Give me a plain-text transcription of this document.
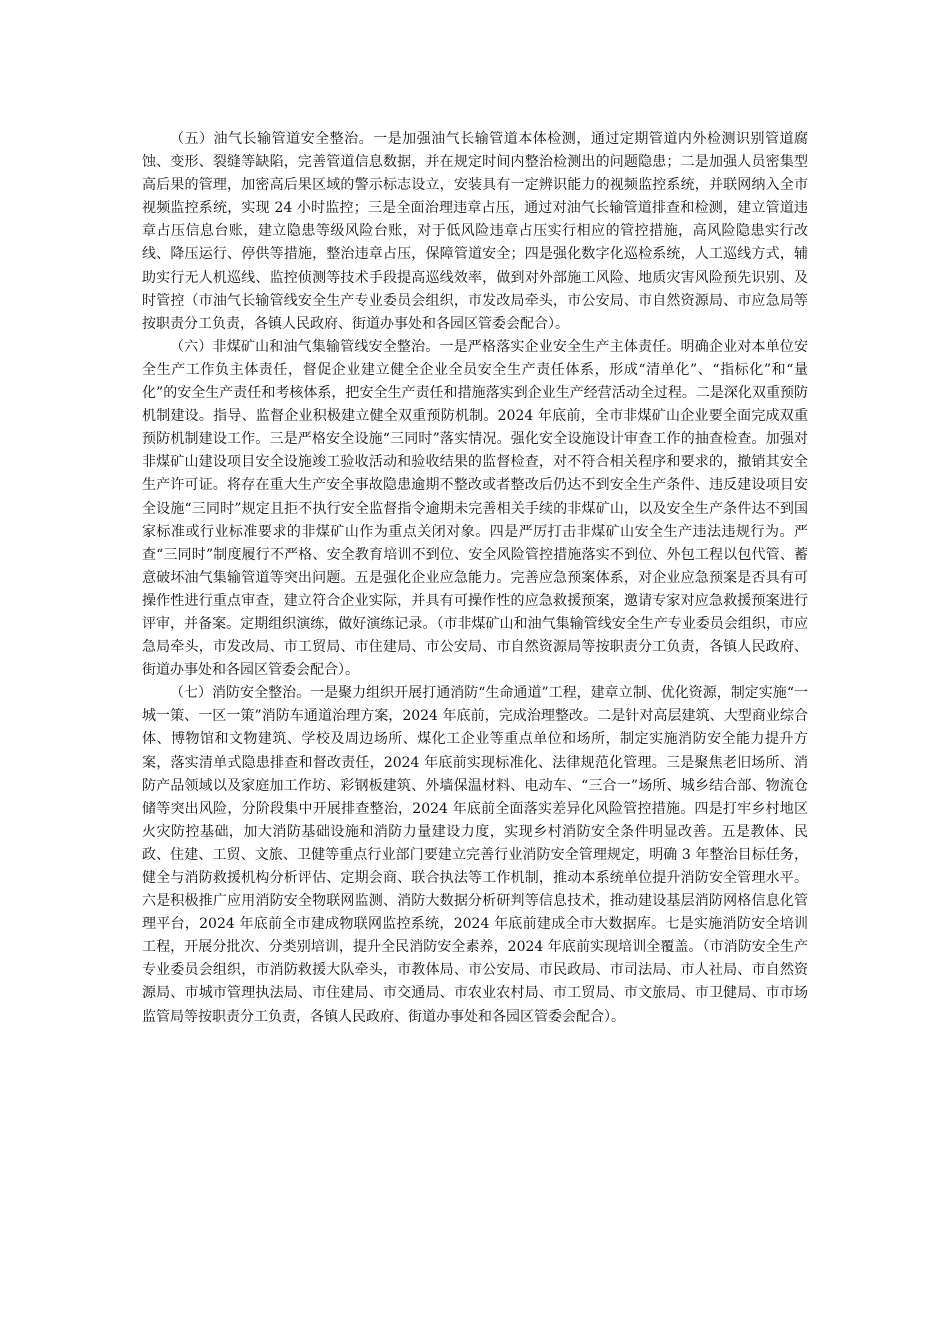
（五）油气长输管道安全整治。一是加强油气长输管道本体检测，通过定期管道内外检测识别管道腐蚀、变形、裂缝等缺陷，完善管道信息数据，并在规定时间内整治检测出的问题隐患；二是加强人员密集型高后果的管理，加密高后果区域的警示标志设立，安装具有一定辨识能力的视频监控系统，并联网纳入全市视频监控系统，实现 24 小时监控；三是全面治理违章占压，通过对油气长输管道排查和检测，建立管道违章占压信息台账，建立隐患等级风险台账，对于低风险违章占压实行相应的管控措施，高风险隐患实行改线、降压运行、停供等措施，整治违章占压，保障管道安全；四是强化数字化巡检系统，人工巡线方式，辅助实行无人机巡线、监控侦测等技术手段提高巡线效率，做到对外部施工风险、地质灾害风险预先识别、及时管控（市油气长输管线安全生产专业委员会组织，市发改局牵头，市公安局、市自然资源局、市应急局等按职责分工负责，各镇人民政府、街道办事处和各园区管委会配合）。

（六）非煤矿山和油气集输管线安全整治。一是严格落实企业安全生产主体责任。明确企业对本单位安全生产工作负主体责任，督促企业建立健全企业全员安全生产责任体系，形成“清单化”、“指标化”和“量化”的安全生产责任和考核体系，把安全生产责任和措施落实到企业生产经营活动全过程。二是深化双重预防机制建设。指导、监督企业积极建立健全双重预防机制。2024 年底前，全市非煤矿山企业要全面完成双重预防机制建设工作。三是严格安全设施“三同时”落实情况。强化安全设施设计审查工作的抽查检查。加强对非煤矿山建设项目安全设施竣工验收活动和验收结果的监督检查，对不符合相关程序和要求的，撤销其安全生产许可证。将存在重大生产安全事故隐患逾期不整改或者整改后仍达不到安全生产条件、违反建设项目安全设施“三同时”规定且拒不执行安全监督指令逾期未完善相关手续的非煤矿山，以及安全生产条件达不到国家标准或行业标准要求的非煤矿山作为重点关闭对象。四是严厉打击非煤矿山安全生产违法违规行为。严查“三同时”制度履行不严格、安全教育培训不到位、安全风险管控措施落实不到位、外包工程以包代管、蓄意破坏油气集输管道等突出问题。五是强化企业应急能力。完善应急预案体系，对企业应急预案是否具有可操作性进行重点审查，建立符合企业实际，并具有可操作性的应急救援预案，邀请专家对应急救援预案进行评审，并备案。定期组织演练，做好演练记录。（市非煤矿山和油气集输管线安全生产专业委员会组织，市应急局牵头，市发改局、市工贸局、市住建局、市公安局、市自然资源局等按职责分工负责，各镇人民政府、街道办事处和各园区管委会配合）。

（七）消防安全整治。一是聚力组织开展打通消防“生命通道”工程，建章立制、优化资源，制定实施“一城一策、一区一策”消防车通道治理方案，2024 年底前，完成治理整改。二是针对高层建筑、大型商业综合体、博物馆和文物建筑、学校及周边场所、煤化工企业等重点单位和场所，制定实施消防安全能力提升方案，落实清单式隐患排查和督改责任，2024 年底前实现标准化、法律规范化管理。三是聚焦老旧场所、消防产品领域以及家庭加工作坊、彩钢板建筑、外墙保温材料、电动车、“三合一”场所、城乡结合部、物流仓储等突出风险，分阶段集中开展排查整治，2024 年底前全面落实差异化风险管控措施。四是打牢乡村地区火灾防控基础，加大消防基础设施和消防力量建设力度，实现乡村消防安全条件明显改善。五是教体、民政、住建、工贸、文旅、卫健等重点行业部门要建立完善行业消防安全管理规定，明确 3 年整治目标任务，健全与消防救援机构分析评估、定期会商、联合执法等工作机制，推动本系统单位提升消防安全管理水平。六是积极推广应用消防安全物联网监测、消防大数据分析研判等信息技术，推动建设基层消防网格信息化管理平台，2024 年底前全市建成物联网监控系统，2024 年底前建成全市大数据库。七是实施消防安全培训工程，开展分批次、分类别培训，提升全民消防安全素养，2024 年底前实现培训全覆盖。（市消防安全生产专业委员会组织，市消防救援大队牵头，市教体局、市公安局、市民政局、市司法局、市人社局、市自然资源局、市城市管理执法局、市住建局、市交通局、市农业农村局、市工贸局、市文旅局、市卫健局、市市场监管局等按职责分工负责，各镇人民政府、街道办事处和各园区管委会配合）。
